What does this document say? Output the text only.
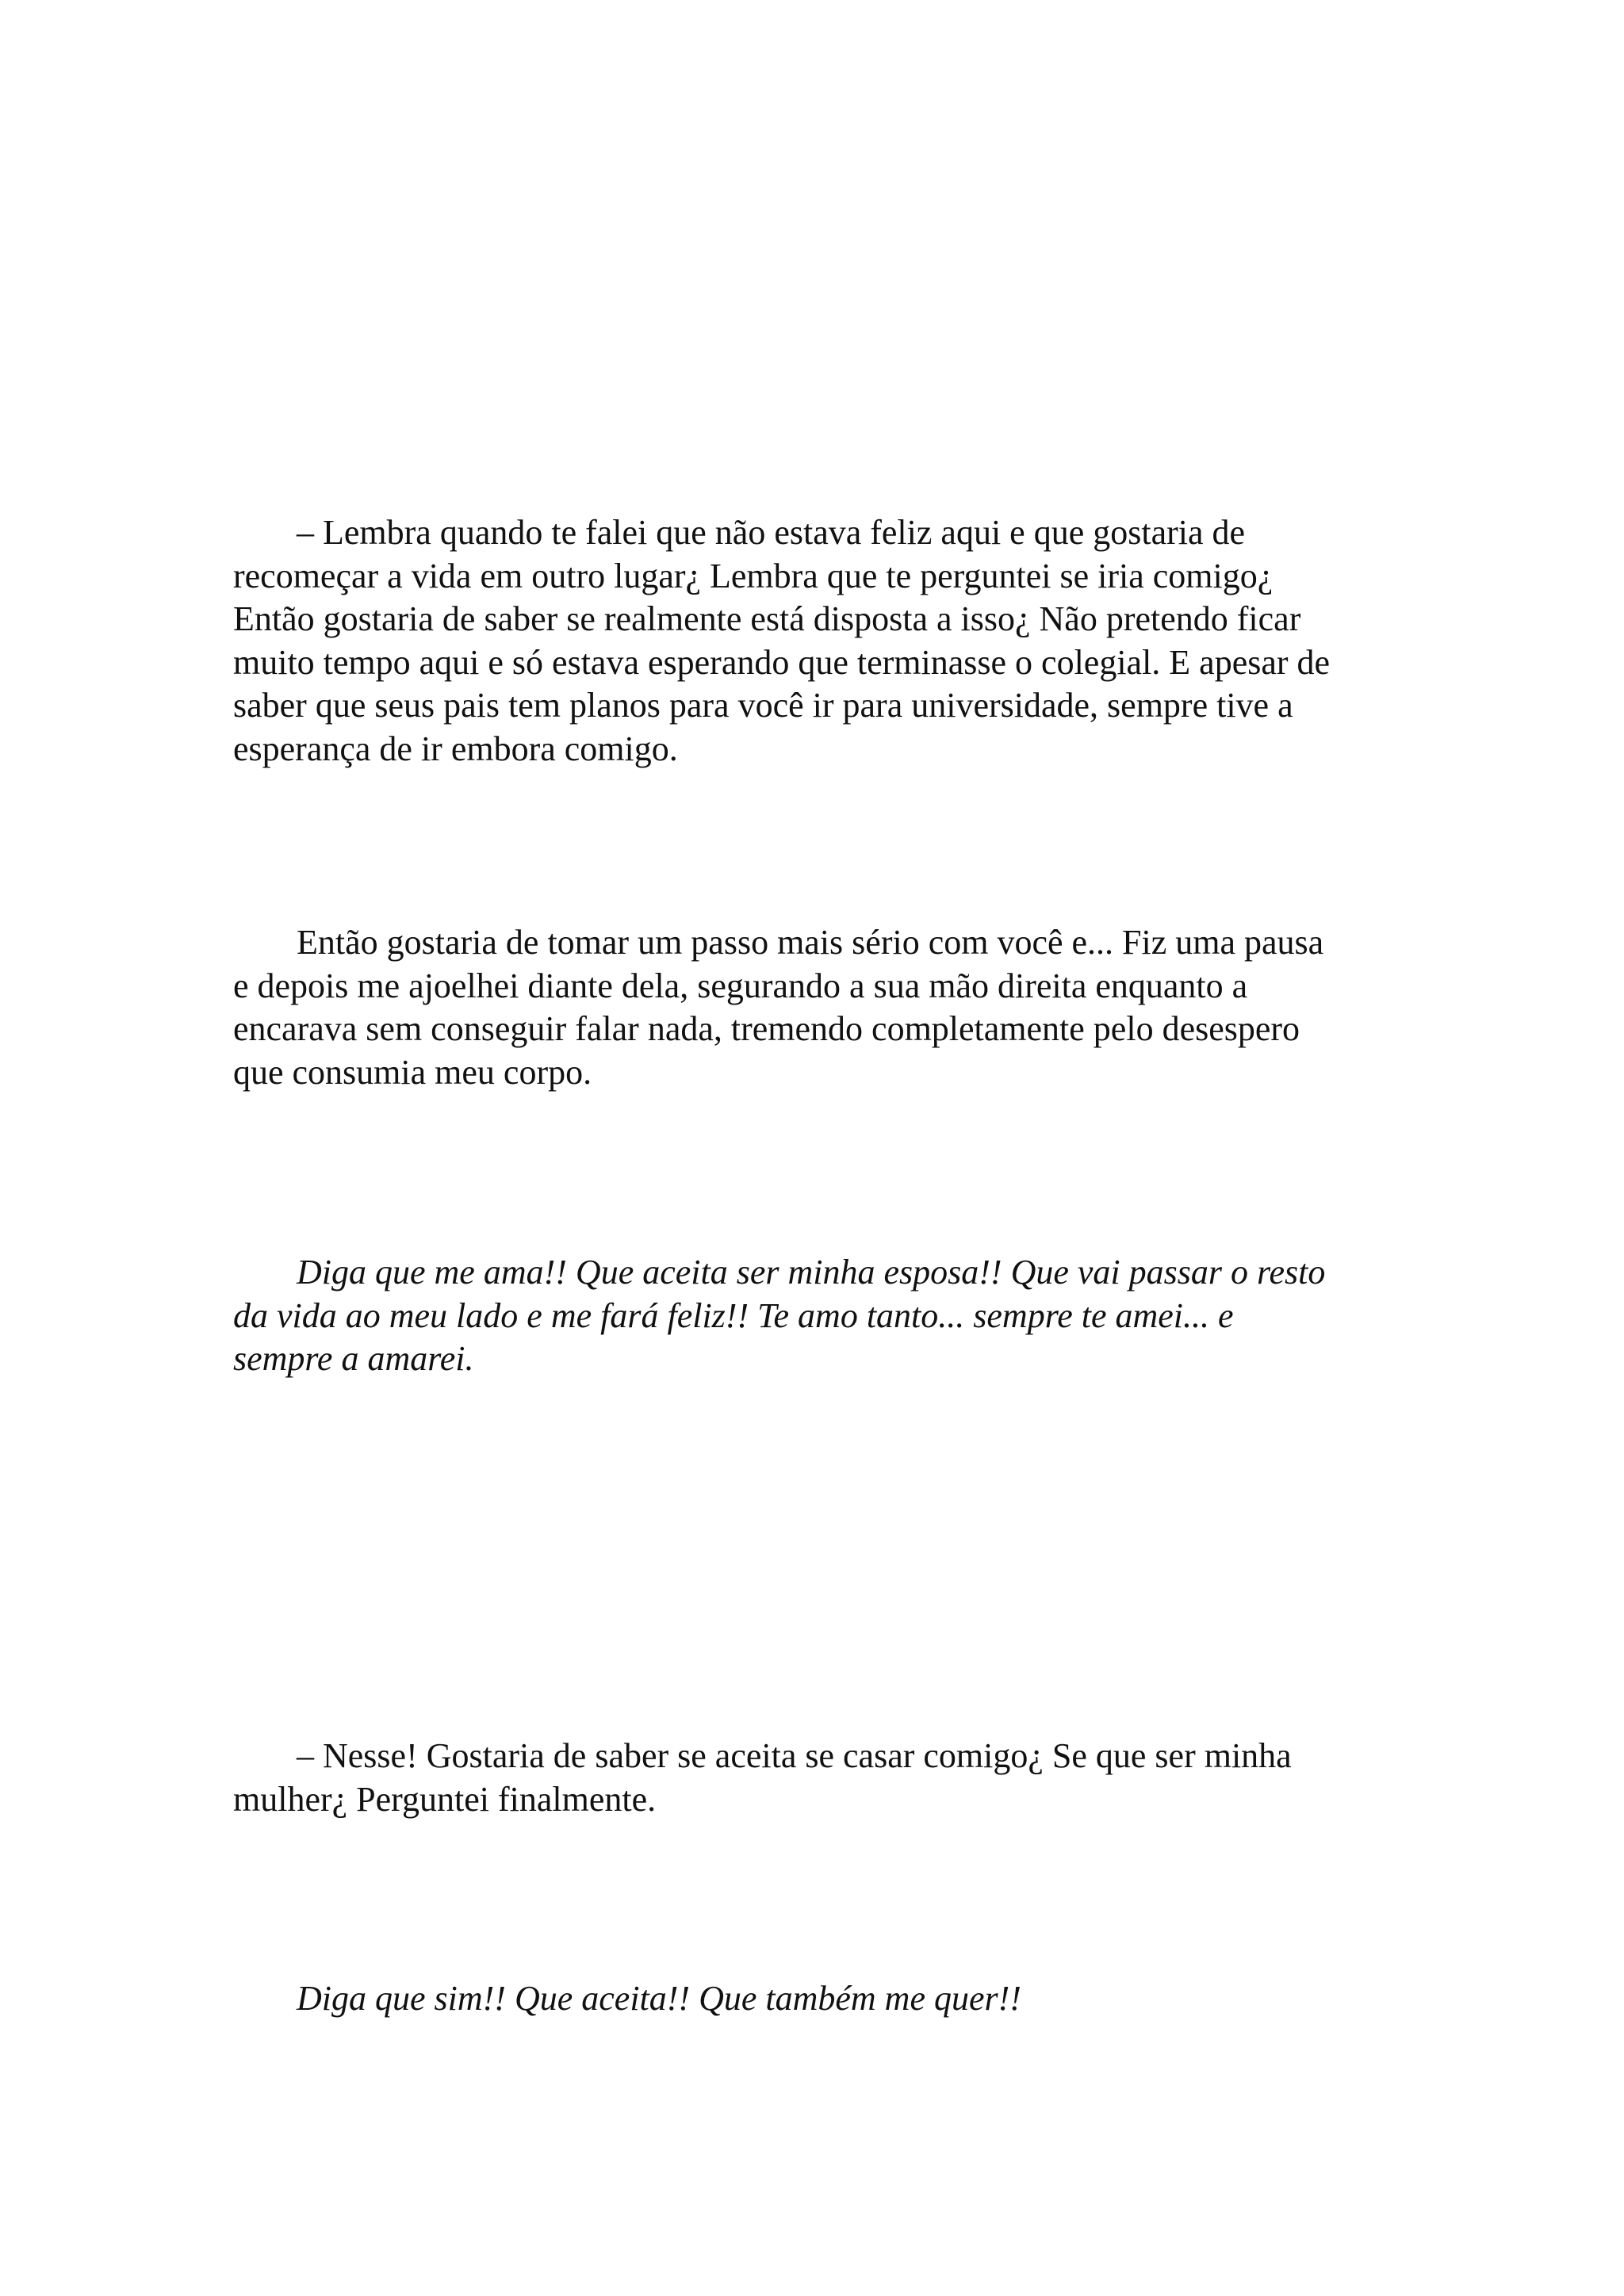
– Lembra quando te falei que não estava feliz aqui e que gostaria de
recomeçar a vida em outro lugar¿ Lembra que te perguntei se iria comigo¿
Então gostaria de saber se realmente está disposta a isso¿ Não pretendo ficar
muito tempo aqui e só estava esperando que terminasse o colegial. E apesar de
saber que seus pais tem planos para você ir para universidade, sempre tive a
esperança de ir embora comigo.

Então gostaria de tomar um passo mais sério com você e... Fiz uma pausa
e depois me ajoelhei diante dela, segurando a sua mão direita enquanto a
encarava sem conseguir falar nada, tremendo completamente pelo desespero
que consumia meu corpo.

Diga que me ama!! Que aceita ser minha esposa!! Que vai passar o resto
da vida ao meu lado e me fará feliz!! Te amo tanto... sempre te amei... e
sempre a amarei.

– Nesse! Gostaria de saber se aceita se casar comigo¿ Se que ser minha
mulher¿ Perguntei finalmente.

Diga que sim!! Que aceita!! Que também me quer!!
